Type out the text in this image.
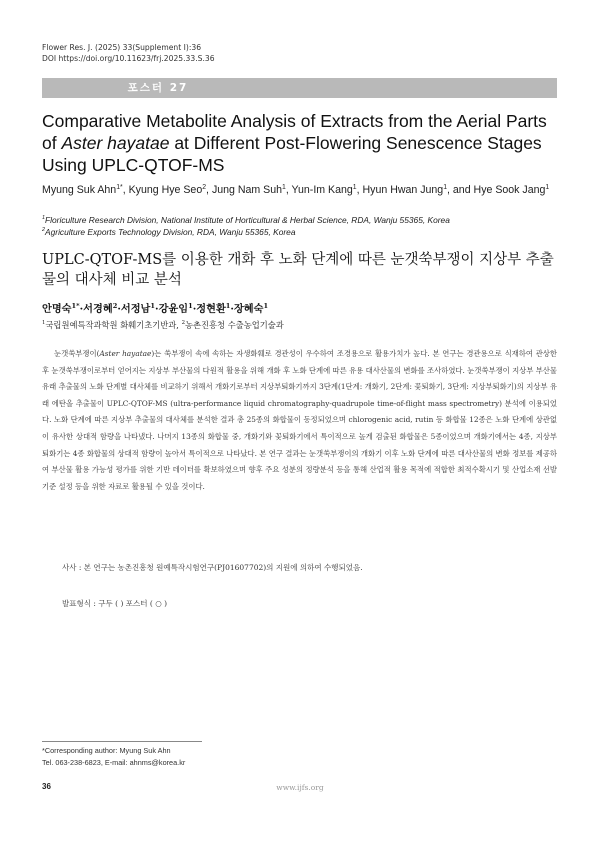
Flower Res. J. (2025) 33(Supplement I):36
DOI https://doi.org/10.11623/frj.2025.33.S.36
포스터 27
Comparative Metabolite Analysis of Extracts from the Aerial Parts of Aster hayatae at Different Post-Flowering Senescence Stages Using UPLC-QTOF-MS
Myung Suk Ahn$^{1*}$, Kyung Hye Seo$^2$, Jung Nam Suh$^1$, Yun-Im Kang$^1$, Hyun Hwan Jung$^1$, and Hye Sook Jang$^1$
$^1$Floriculture Research Division, National Institute of Horticultural & Herbal Science, RDA, Wanju 55365, Korea
$^2$Agriculture Exports Technology Division, RDA, Wanju 55365, Korea
UPLC-QTOF-MS를 이용한 개화 후 노화 단계에 따른 눈갯쑥부쟁이 지상부 추출물의 대사체 비교 분석
안명숙$^{1*}$·서경혜$^2$·서정남$^1$·강윤임$^1$·정현환$^1$·장혜숙$^1$
$^1$국립원예특작과학원 화훼기초기반과, $^2$농촌진흥청 수출농업기술과

눈갯쑥부쟁이(Aster hayatae)는 쑥부쟁이 속에 속하는 자생화훼로 경관성이 우수하여 조경용으로 활용가치가 높다. 본 연구는 경관용으로 식재하여 관상한 후 눈갯쑥부쟁이로부터 얻어지는 지상부 부산물의 다원적 활용을 위해 개화 후 노화 단계에 따른 유용 대사산물의 변화를 조사하였다. 눈갯쑥부쟁이 지상부 부산물 유래 추출물의 노화 단계별 대사체를 비교하기 위해서 개화기로부터 지상부퇴화기까지 3단계(1단계: 개화기, 2단계: 꽃퇴화기, 3단계: 지상부퇴화기)의 지상부 유래 에탄올 추출물이 UPLC-QTOF-MS (ultra-performance liquid chromatography-quadrupole time-of-flight mass spectrometry) 분석에 이용되었다. 노화 단계에 따른 지상부 추출물의 대사체를 분석한 결과 총 25종의 화합물이 동정되었으며 chlorogenic acid, rutin 등 화합물 12종은 노화 단계에 상관없이 유사한 상대적 함량을 나타냈다. 나머지 13종의 화합물 중, 개화기와 꽃퇴화기에서 특이적으로 높게 검출된 화합물은 5종이었으며 개화기에서는 4종, 지상부 퇴화기는 4종 화합물의 상대적 함량이 높아서 특이적으로 나타났다. 본 연구 결과는 눈갯쑥부쟁이의 개화기 이후 노화 단계에 따른 대사산물의 변화 정보를 제공하여 부산물 활용 가능성 평가를 위한 기반 데이터를 확보하였으며 향후 주요 성분의 정량분석 등을 통해 산업적 활용 목적에 적합한 최적수확시기 및 산업소재 선발 기준 설정 등을 위한 자료로 활용될 수 있을 것이다.

사사 : 본 연구는 농촌진흥청 원예특작시험연구(PJ01607702)의 지원에 의하여 수행되었음.
발표형식 : 구두 ( ) 포스터 ( ○ )
*Corresponding author: Myung Suk Ahn
Tel. 063-238-6823, E-mail: ahnms@korea.kr
36	www.ijfs.org
